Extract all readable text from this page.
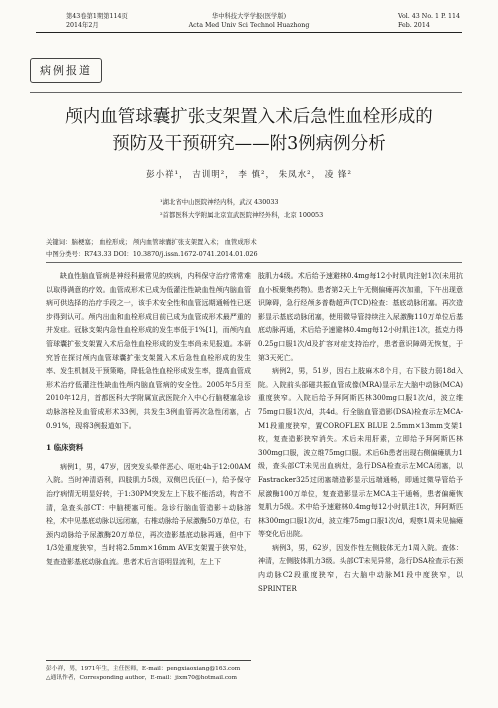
第43卷第1期第114页
2014年2月
华中科技大学学报(医学版)
Acta Med Univ Sci Technol Huazhong
Vol. 43 No. 1 P. 114
Feb. 2014
病例报道
颅内血管球囊扩张支架置入术后急性血栓形成的
预防及干预研究——附3例病例分析
彭小祥¹， 吉训明²， 李 慎²， 朱凤水²， 凌 锋²
¹湖北省中山医院神经内科，武汉 430033
²首都医科大学附属北京宣武医院神经外科，北京 100053
关键词：脑梗塞； 血栓形成； 颅内血管球囊扩张支架置入术； 血管成形术
中图分类号：R743.33 DOI：10.3870/j.issn.1672-0741.2014.01.026

缺血性脑血管病是神经科最常见的疾病，内科保守治疗常常难以取得满意的疗效。血管成形术已成为低灌注性缺血性颅内脑血管病可供选择的治疗手段之一，该手术安全性和血管远期通畅性已逐步得到认可。颅内出血和血栓形成目前已成为血管成形术最严重的并发症。冠脉支架内急性血栓形成的发生率低于1%[1]，而颅内血管球囊扩张支架置入术后急性血栓形成的发生率尚未见报道。本研究旨在探讨颅内血管球囊扩张支架置入术后急性血栓形成的发生率、发生机制及干预策略，降低急性血栓形成发生率，提高血管成形术治疗低灌注性缺血性颅内脑血管病的安全性。2005年5月至2010年12月，首都医科大学附属宣武医院介入中心行脑梗塞急诊动脉溶栓及血管成形术33例，共发生3例血管再次急性闭塞，占0.91%，现将3例报道如下。

1 临床资料

病例1，男，47岁，因突发头晕伴恶心、呕吐4h于12:00AM入院。当时神清语利，四肢肌力5级，双侧巴氏征(－)，给予保守治疗病情无明显好转，于1:30PM突发左上下肢不能活动，构音不清，急查头部CT：中脑梗塞可能。急诊行脑血管造影＋动脉溶栓，术中见基底动脉以远闭塞，右椎动脉给予尿激酶50万单位，右颈内动脉给予尿激酶20万单位，再次造影基底动脉再通，但中下1/3处重度狭窄，当时将2.5mm×16mm AVE支架置于狭窄处，复查造影基底动脉血流。患者术后言语明显流利，左上下

肢肌力4级。术后给予速避林0.4mg每12小时肌肉注射1次(未用抗血小板聚集药物)。患者第2天上午无侧偏瘫再次加重，下午出现意识障碍，急行经颅多普勒超声(TCD)检查：基底动脉闭塞。再次造影显示基底动脉闭塞，使用微导管持续注入尿激酶110万单位后基底动脉再通，术后给予速避林0.4mg每12小时肌注1次，抵克力得0.25g口服1次/d及扩容对症支持治疗，患者意识障碍无恢复，于第3天死亡。

病例2，男，51岁，因右上肢麻木8个月，右下肢力弱18d入院。入院前头部磁共振血管成像(MRA)显示左大脑中动脉(MCA)重度狭窄。入院后给予拜阿斯匹林300mg口服1次/d，波立维75mg口服1次/d，共4d。行全脑血管造影(DSA)检查示左MCA-M1段重度狭窄，置COROFLEX BLUE 2.5mm×13mm支架1枚，复查造影狭窄消失。术后未用肝素，立即给予拜阿斯匹林300mg口服，波立维75mg口服。术后6h患者出现右侧偏瘫肌力1级，查头部CT未见出血病灶，急行DSA检查示左MCA闭塞，以Fastracker325过闭塞端造影显示远端通畅，即通过微导管给予尿激酶100万单位，复查造影显示左MCA主干通畅，患者偏瘫恢复肌力5级。术中给予速避林0.4mg每12小时肌注1次，拜阿斯匹林300mg口服1次/d，波立维75mg口服1次/d，观察1周未见偏瘫等变化后出院。

病例3，男，62岁，因发作性左侧肢体无力1周入院。查体：神清，左侧肢体肌力3级。头部CT未见异常，急行DSA检查示右颈内动脉C2段重度狭窄，右大脑中动脉M1段中度狭窄，以SPRINTER

彭小祥，男，1971年生，主任医师，E-mail：pengxiaoxiang@163.com
△通讯作者，Corresponding author，E-mail：jixm70@hotmail.com
